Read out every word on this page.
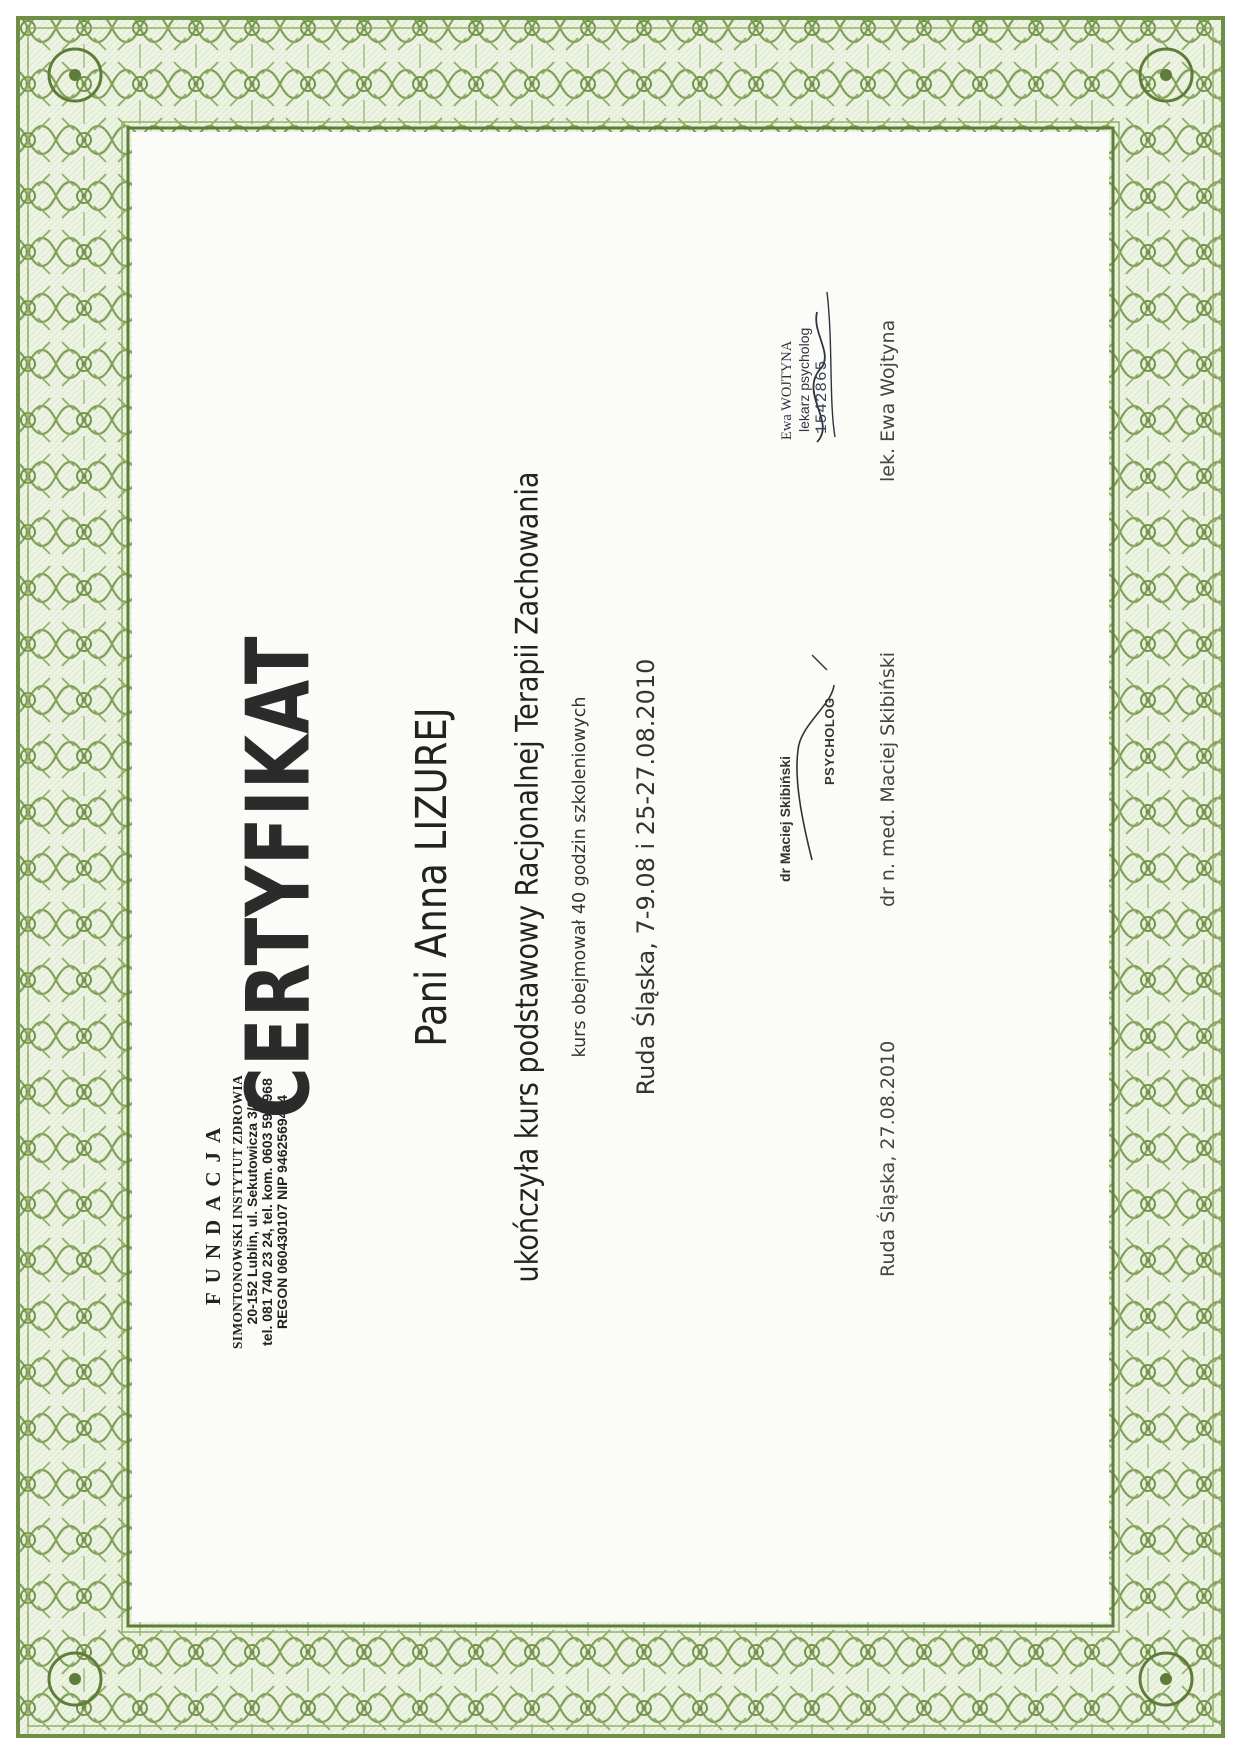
FUNDACJA SIMONTONOWSKI INSTYTUT ZDROWIA 20-152 Lublin, ul. Sekutowicza 3/9 tel. 081 740 23 24, tel. kom. 0603 592 968 REGON 060430107 NIP 9462569414
CERTYFIKAT Pani Anna LIZUREJ ukończyła kurs podstawowy Racjonalnej Terapii Zachowania kurs obejmował 40 godzin szkoleniowych Ruda Śląska, 7-9.08 i 25-27.08.2010	dr Maciej Skibiński
PSYCHOLOG
Ewa WOJTYNA lekarz psycholog 1542865
Ruda Śląska, 27.08.2010
dr n. med. Maciej Skibiński
lek. Ewa Wojtyna
